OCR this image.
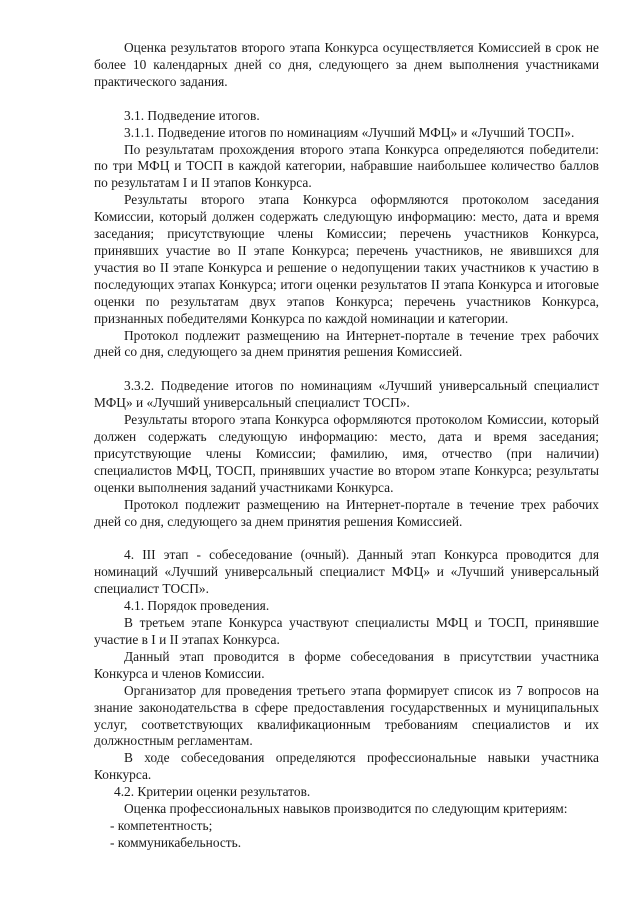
Оценка результатов второго этапа Конкурса осуществляется Комиссией в срок не более 10 календарных дней со дня, следующего за днем выполнения участниками практического задания.

3.1. Подведение итогов.

3.1.1. Подведение итогов по номинациям «Лучший МФЦ» и «Лучший ТОСП».

По результатам прохождения второго этапа Конкурса определяются победители: по три МФЦ и ТОСП в каждой категории, набравшие наибольшее количество баллов по результатам I и II этапов Конкурса.

Результаты второго этапа Конкурса оформляются протоколом заседания Комиссии, который должен содержать следующую информацию: место, дата и время заседания; присутствующие члены Комиссии; перечень участников Конкурса, принявших участие во II этапе Конкурса; перечень участников, не явившихся для участия во II этапе Конкурса и решение о недопущении таких участников к участию в последующих этапах Конкурса; итоги оценки результатов II этапа Конкурса и итоговые оценки по результатам двух этапов Конкурса; перечень участников Конкурса, признанных победителями Конкурса по каждой номинации и категории.

Протокол подлежит размещению на Интернет-портале в течение трех рабочих дней со дня, следующего за днем принятия решения Комиссией.

3.3.2. Подведение итогов по номинациям «Лучший универсальный специалист МФЦ» и «Лучший универсальный специалист ТОСП».

Результаты второго этапа Конкурса оформляются протоколом Комиссии, который должен содержать следующую информацию: место, дата и время заседания; присутствующие члены Комиссии; фамилию, имя, отчество (при наличии) специалистов МФЦ, ТОСП, принявших участие во втором этапе Конкурса; результаты оценки выполнения заданий участниками Конкурса.

Протокол подлежит размещению на Интернет-портале в течение трех рабочих дней со дня, следующего за днем принятия решения Комиссией.

4. III этап - собеседование (очный). Данный этап Конкурса проводится для номинаций «Лучший универсальный специалист МФЦ» и «Лучший универсальный специалист ТОСП».

4.1. Порядок проведения.

В третьем этапе Конкурса участвуют специалисты МФЦ и ТОСП, принявшие участие в I и II этапах Конкурса.

Данный этап проводится в форме собеседования в присутствии участника Конкурса и членов Комиссии.

Организатор для проведения третьего этапа формирует список из 7 вопросов на знание законодательства в сфере предоставления государственных и муниципальных услуг, соответствующих квалификационным требованиям специалистов и их должностным регламентам.

В ходе собеседования определяются профессиональные навыки участника Конкурса.

4.2. Критерии оценки результатов.

Оценка профессиональных навыков производится по следующим критериям:

- компетентность;

- коммуникабельность.
